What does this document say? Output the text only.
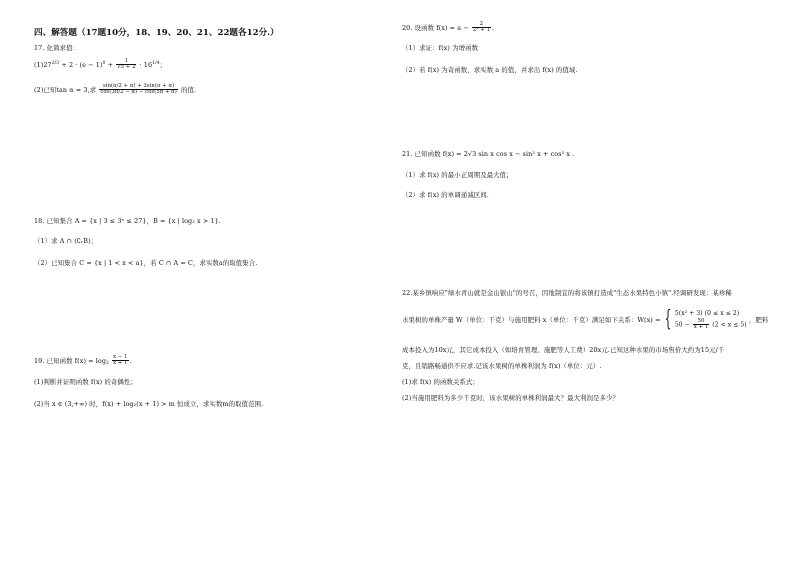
四、解答题（17题10分，18、19、20、21、22题各12分.）
17. 化简求值：
$(1)27^{2/3} + 2 \cdot (e - 1)^0 + \frac{1}{√5 + 2} \cdot 16^{1/4}$；
(2)已知tan α = 3,求 $\frac{\sin(\pi/2 + \alpha) + 3\sin(\pi + \alpha)}{\cos(3\pi/2 - \alpha) - \cos(5\pi + \alpha)}$ 的值.
18. 已知集合 A = {x | 3 ≤ 3ˣ ≤ 27}，B = {x | log₂ x > 1}.
（1）求 A ∩ (∁ᵣB)；
（2）已知集合 C = {x | 1 < x < a}，若 C ∩ A = C，求实数a的取值集合.
19. 已知函数 $f(x) = \log_2 \frac{x - 1}{x + 1}$ .
(1)判断并证明函数 f(x) 的奇偶性；
(2)当 x ∈ (3,+∞) 时，f(x) + log₂(x + 1) > m 恒成立，求实数m的取值范围.
20. 设函数 $f(x) = a - \frac{2}{\text{2ˣ + 1}}$ .
（1）求证：f(x) 为增函数
（2）若 f(x) 为奇函数，求实数 a 的值，并求出 f(x) 的值域.
21. 已知函数 f(x) = 2√3 sin x cos x − sin² x + cos² x .
（1）求 f(x) 的最小正周期及最大值；
（2）求 f(x) 的单调递减区间.
22.某乡镇响应"绿水青山就是金山银山"的号召，因地制宜的将该镇打造成"生态水果特色小镇".经调研发现：某珍稀
水果树的单株产量 W（单位：千克）与施用肥料 x（单位：千克）满足如下关系：W(x) = { 5(x² + 3) (0 ≤ x ≤ 2)
$50 - \frac{50}{x + 1} (2 < x \le 5)$
，肥料
成本投入为10x元，其它成本投入（如培育管理、施肥等人工费）20x元.已知这种水果的市场售价大约为15元/千
克，且销路畅通供不应求.记该水果树的单株利润为 f(x)（单位：元）.
(1)求 f(x) 的函数关系式；
(2)当施用肥料为多少千克时，该水果树的单株利润最大？最大利润是多少？
